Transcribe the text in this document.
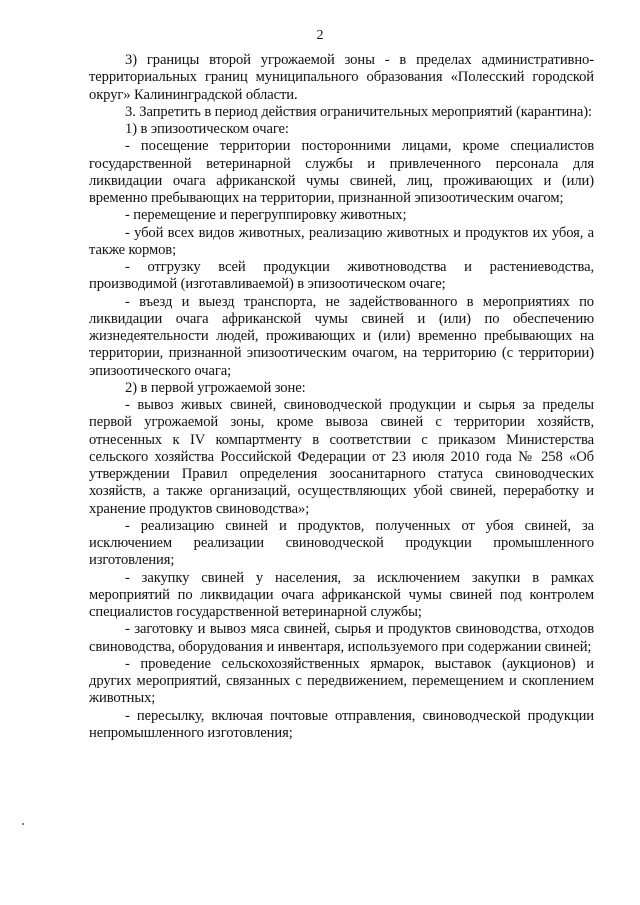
2

3) границы второй угрожаемой зоны - в пределах административно-территориальных границ муниципального образования «Полесский городской округ» Калининградской области.

3. Запретить в период действия ограничительных мероприятий (карантина):

1) в эпизоотическом очаге:

- посещение территории посторонними лицами, кроме специалистов государственной ветеринарной службы и привлеченного персонала для ликвидации очага африканской чумы свиней, лиц, проживающих и (или) временно пребывающих на территории, признанной эпизоотическим очагом;

- перемещение и перегруппировку животных;

- убой всех видов животных, реализацию животных и продуктов их убоя, а также кормов;

- отгрузку всей продукции животноводства и растениеводства, производимой (изготавливаемой) в эпизоотическом очаге;

- въезд и выезд транспорта, не задействованного в мероприятиях по ликвидации очага африканской чумы свиней и (или) по обеспечению жизнедеятельности людей, проживающих и (или) временно пребывающих на территории, признанной эпизоотическим очагом, на территорию (с территории) эпизоотического очага;

2) в первой угрожаемой зоне:

- вывоз живых свиней, свиноводческой продукции и сырья за пределы первой угрожаемой зоны, кроме вывоза свиней с территории хозяйств, отнесенных к IV компартменту в соответствии с приказом Министерства сельского хозяйства Российской Федерации от 23 июля 2010 года № 258 «Об утверждении Правил определения зоосанитарного статуса свиноводческих хозяйств, а также организаций, осуществляющих убой свиней, переработку и хранение продуктов свиноводства»;

- реализацию свиней и продуктов, полученных от убоя свиней, за исключением реализации свиноводческой продукции промышленного изготовления;

- закупку свиней у населения, за исключением закупки в рамках мероприятий по ликвидации очага африканской чумы свиней под контролем специалистов государственной ветеринарной службы;

- заготовку и вывоз мяса свиней, сырья и продуктов свиноводства, отходов свиноводства, оборудования и инвентаря, используемого при содержании свиней;

- проведение сельскохозяйственных ярмарок, выставок (аукционов) и других мероприятий, связанных с передвижением, перемещением и скоплением животных;

- пересылку, включая почтовые отправления, свиноводческой продукции непромышленного изготовления;
